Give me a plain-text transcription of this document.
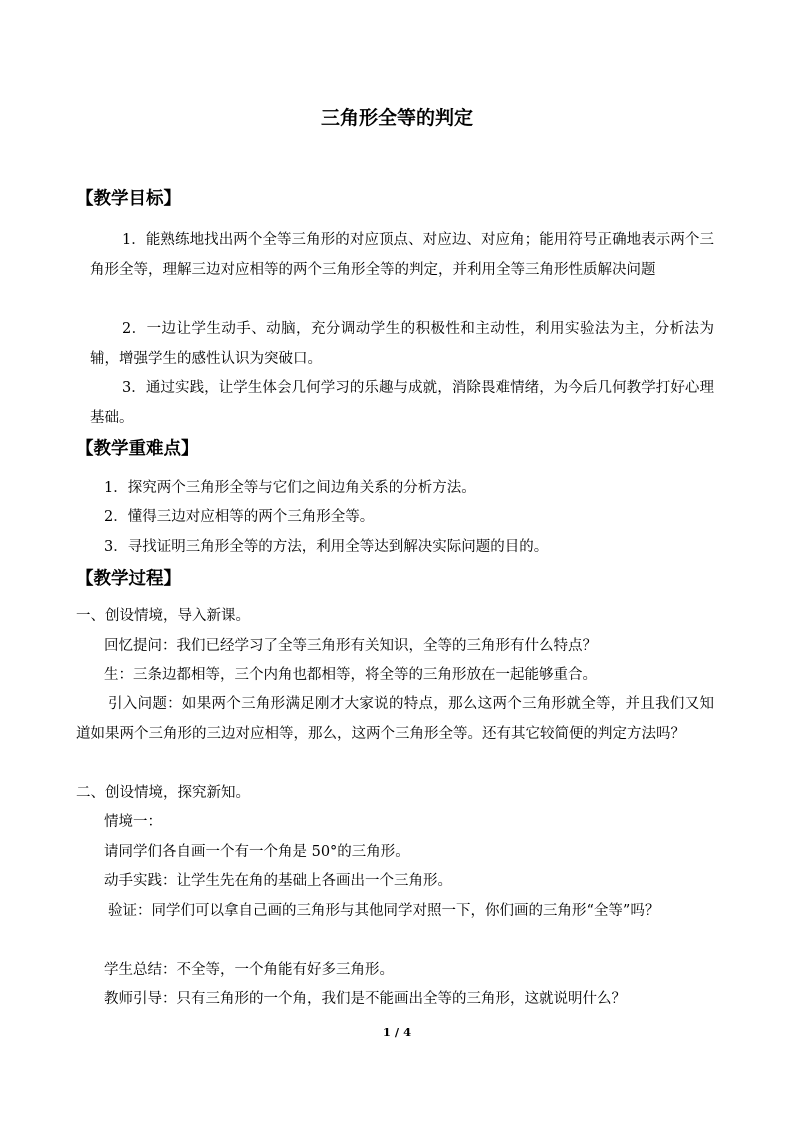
三角形全等的判定
【教学目标】

1．能熟练地找出两个全等三角形的对应顶点、对应边、对应角；能用符号正确地表示两个三角形全等，理解三边对应相等的两个三角形全等的判定，并利用全等三角形性质解决问题

2．一边让学生动手、动脑，充分调动学生的积极性和主动性，利用实验法为主，分析法为辅，增强学生的感性认识为突破口。

3．通过实践，让学生体会几何学习的乐趣与成就，消除畏难情绪，为今后几何教学打好心理基础。

【教学重难点】

1．探究两个三角形全等与它们之间边角关系的分析方法。

2．懂得三边对应相等的两个三角形全等。

3．寻找证明三角形全等的方法，利用全等达到解决实际问题的目的。

【教学过程】

一、创设情境，导入新课。

回忆提问：我们已经学习了全等三角形有关知识，全等的三角形有什么特点？

生：三条边都相等，三个内角也都相等，将全等的三角形放在一起能够重合。

引入问题：如果两个三角形满足刚才大家说的特点，那么这两个三角形就全等，并且我们又知道如果两个三角形的三边对应相等，那么，这两个三角形全等。还有其它较简便的判定方法吗？

二、创设情境，探究新知。

情境一：

请同学们各自画一个有一个角是 50°的三角形。

动手实践：让学生先在角的基础上各画出一个三角形。

验证：同学们可以拿自己画的三角形与其他同学对照一下，你们画的三角形“全等”吗？

学生总结：不全等，一个角能有好多三角形。

教师引导：只有三角形的一个角，我们是不能画出全等的三角形，这就说明什么？

1 / 4
